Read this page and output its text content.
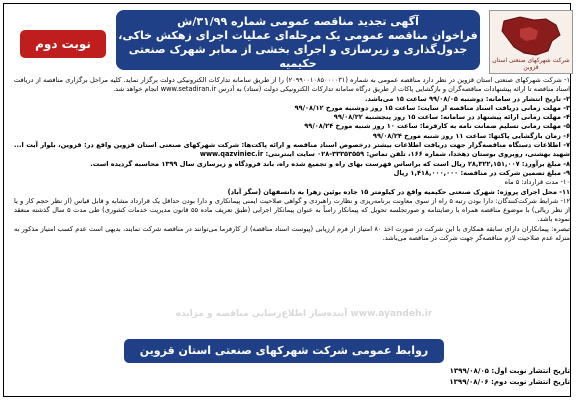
آگهی تجدید مناقصه عمومی شماره ۳۱/۹۹/ش
فراخوان مناقصه عمومی یک مرحله‌ای عملیات اجرای زهکش خاکی،
جدول‌گذاری و زیرسازی و اجرای بخشی از معابر شهرک صنعتی حکیمیه
نوبت دوم
شرکت شهرکهای صنعتی استان قزوین

۱- شرکت شهرکهای صنعتی استان قزوین در نظر دارد مناقصه عمومی به شماره (۲۰۹۹۰۰۱۰۸۵۰۰۰۰۳۱) را از طریق سامانه تدارکات الکترونیکی دولت برگزار نماید. کلیه مراحل برگزاری مناقصه از دریافت اسناد مناقصه تا ارائه پیشنهادات مناقصه‌گران و بازگشایی پاکات از طریق درگاه سامانه تدارکات الکترونیکی دولت (ستاد) به آدرس www.setadiran.ir انجام خواهد شد.

۲- تاریخ انتشار در سامانه: دوشنبه ۹۹/۰۸/۰۵ ساعت ۱۵ می‌باشد.

۳- مهلت زمانی دریافت اسناد مناقصه از سایت: ساعت ۱۵ روز دوشنبه مورخ ۹۹/۰۸/۱۲

۴- مهلت زمانی ارائه پیشنهاد در سامانه: ساعت ۱۵ روز پنجشنبه ۹۹/۰۸/۲۲

۵- مهلت زمانی تسلیم ضمانت نامه به کارفرما: ساعت ۱۰ روز شنبه مورخ ۹۹/۰۸/۲۴

۶- زمان بازگشایی پاکتها: ساعت ۱۱ روز شنبه مورخ ۹۹/۰۸/۲۴

۷- اطلاعات دستگاه مناقصه‌گزار جهت دریافت اطلاعات بیشتر درخصوص اسناد مناقصه و ارائه پاکت‌ها: شرکت شهرکهای صنعتی استان قزوین واقع در: قزوین، بلوار آیت ا... شهید بهشتی، روبروی بوستان دهخدا، شماره ۱۶۶، تلفن تماس: ۳۳۳۵۳۵۵۹-۰۲۸ سایت اینترنتی: www.qazviniec.ir

۸- مبلغ برآورد: ۲۸,۳۲۲,۱۵۱,۰۰۷ ریال است که براساس فهرست بهای راه و تجمیع شده راه، باند فرودگاه و زیرسازی سال ۱۳۹۹ محاسبه گردیده است.

۹- مبلغ تضمین شرکت در مناقصه: ۱,۴۱۸,۰۰۰,۰۰۰ ریال

۱۰- مدت قرارداد: ۵ ماه

۱۱- محل اجرای پروژه: شهرک صنعتی حکیمیه واقع در کیلومتر ۱۵ جاده بوئین زهرا به دانسفهان (سگز آباد)

۱۲- شرایط شرکت‌کنندگان: دارا بودن رتبه ۵ راه از سوی معاونت برنامه‌ریزی و نظارت راهبردی و گواهی صلاحیت ایمنی پیمانکاری و دارا بودن حداقل یک قرارداد مشابه و قابل قیاس (از نظر حجم کار و یا از نظر ریالی) با موضوع مناقصه همراه با رضایتنامه و صورتجلسه تحویل که پیمانکار راساً به عنوان پیمانکار اجرایی (طبق تعریف ماده ۵۵ قانون مدیریت خدمات کشوری) طی مدت ۵ سال گذشته منعقد نموده باشد.

تبصره: پیمانکاران دارای سابقه همکاری با این شرکت در صورت اخذ ۸۰ امتیاز از فرم ارزیابی (پیوست اسناد مناقصه) از کارفرما می‌توانند در مناقصه شرکت نمایند، بدیهی است عدم کسب امتیاز مذکور به منزله عدم صلاحیت لازم مناقصه‌گر جهت شرکت در مناقصه می‌باشد.

www.ayandeh.ir آینده‌ساز اطلاع‌رسانی مناقصه و مزایده
روابط عمومی شرکت شهرکهای صنعتی استان قزوین
تاریخ انتشار نوبت اول: ۱۳۹۹/۰۸/۰۵
تاریخ انتشار نوبت دوم: ۱۳۹۹/۰۸/۰۶
